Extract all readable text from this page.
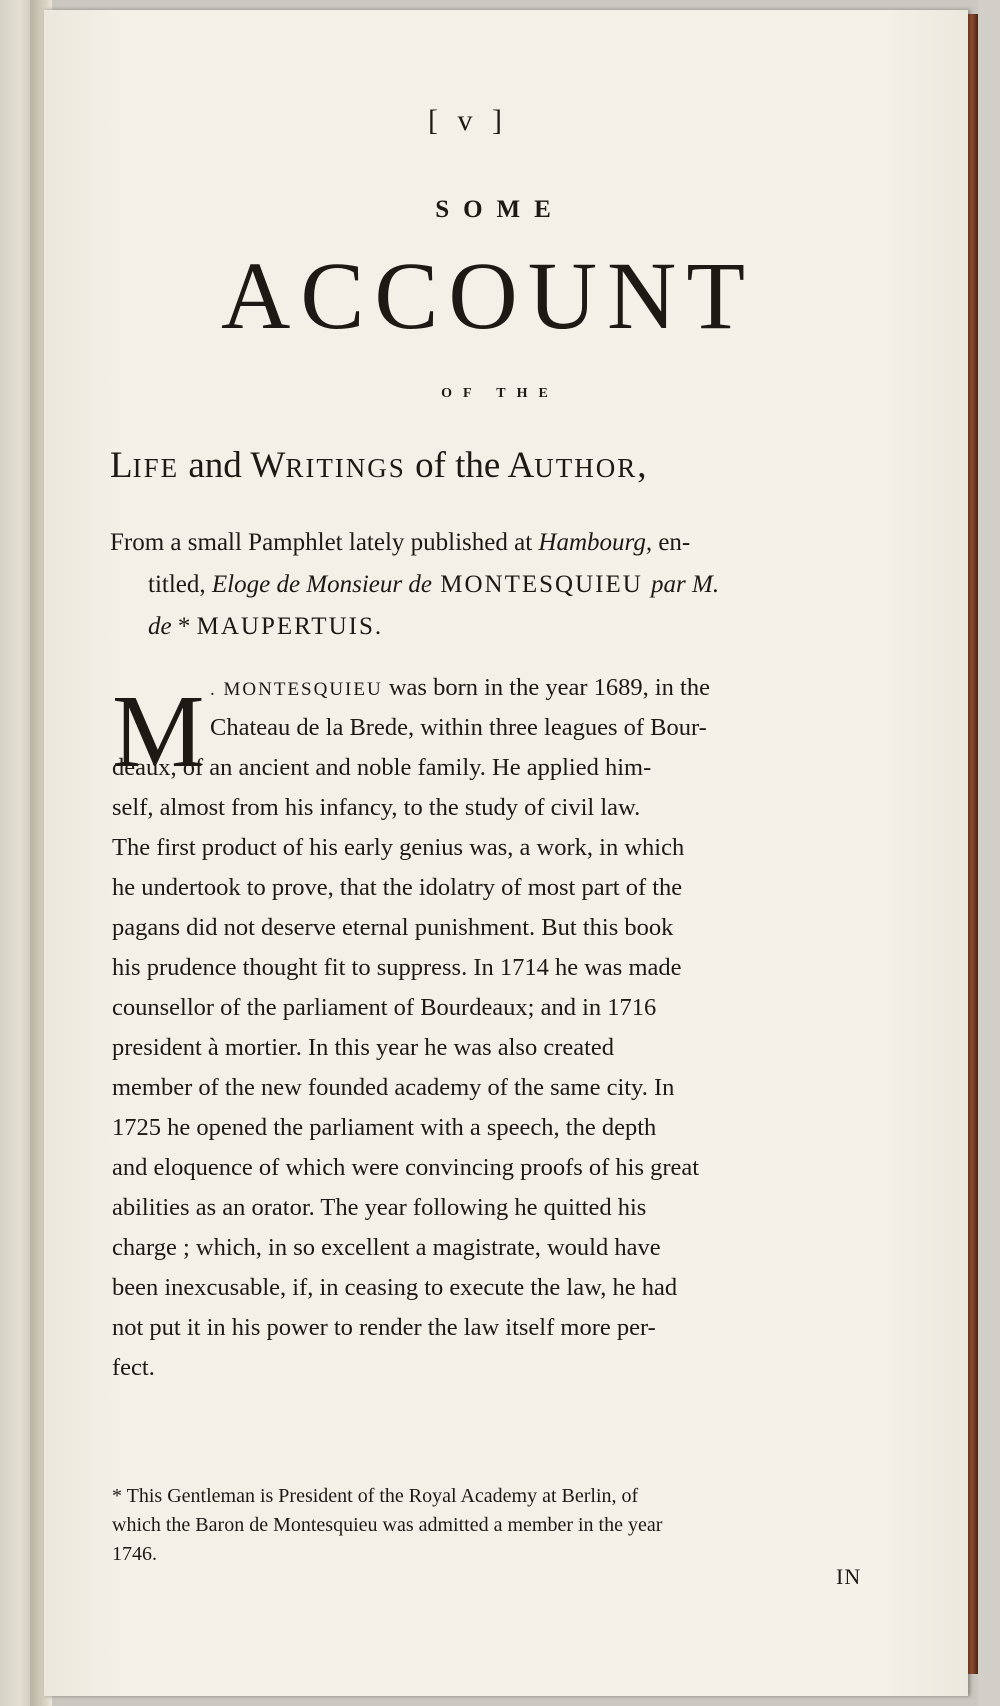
[ v ]
SOME
ACCOUNT
OF THE
LIFE and WRITINGS of the AUTHOR,
From a small Pamphlet lately published at Hambourg, en-
titled, Eloge de Monsieur de MONTESQUIEU par M.
de * MAUPERTUIS.
M . MONTESQUIEU was born in the year 1689, in the
Chateau de la Brede, within three leagues of Bour-
deaux, of an ancient and noble family. He applied him-
self, almost from his infancy, to the study of civil law.
The first product of his early genius was, a work, in which
he undertook to prove, that the idolatry of most part of the
pagans did not deserve eternal punishment. But this book
his prudence thought fit to suppress. In 1714 he was made
counsellor of the parliament of Bourdeaux; and in 1716
president à mortier. In this year he was also created
member of the new founded academy of the same city. In
1725 he opened the parliament with a speech, the depth
and eloquence of which were convincing proofs of his great
abilities as an orator. The year following he quitted his
charge ; which, in so excellent a magistrate, would have
been inexcusable, if, in ceasing to execute the law, he had
not put it in his power to render the law itself more per-
fect.
* This Gentleman is President of the Royal Academy at Berlin, of
which the Baron de Montesquieu was admitted a member in the year
1746.
IN
